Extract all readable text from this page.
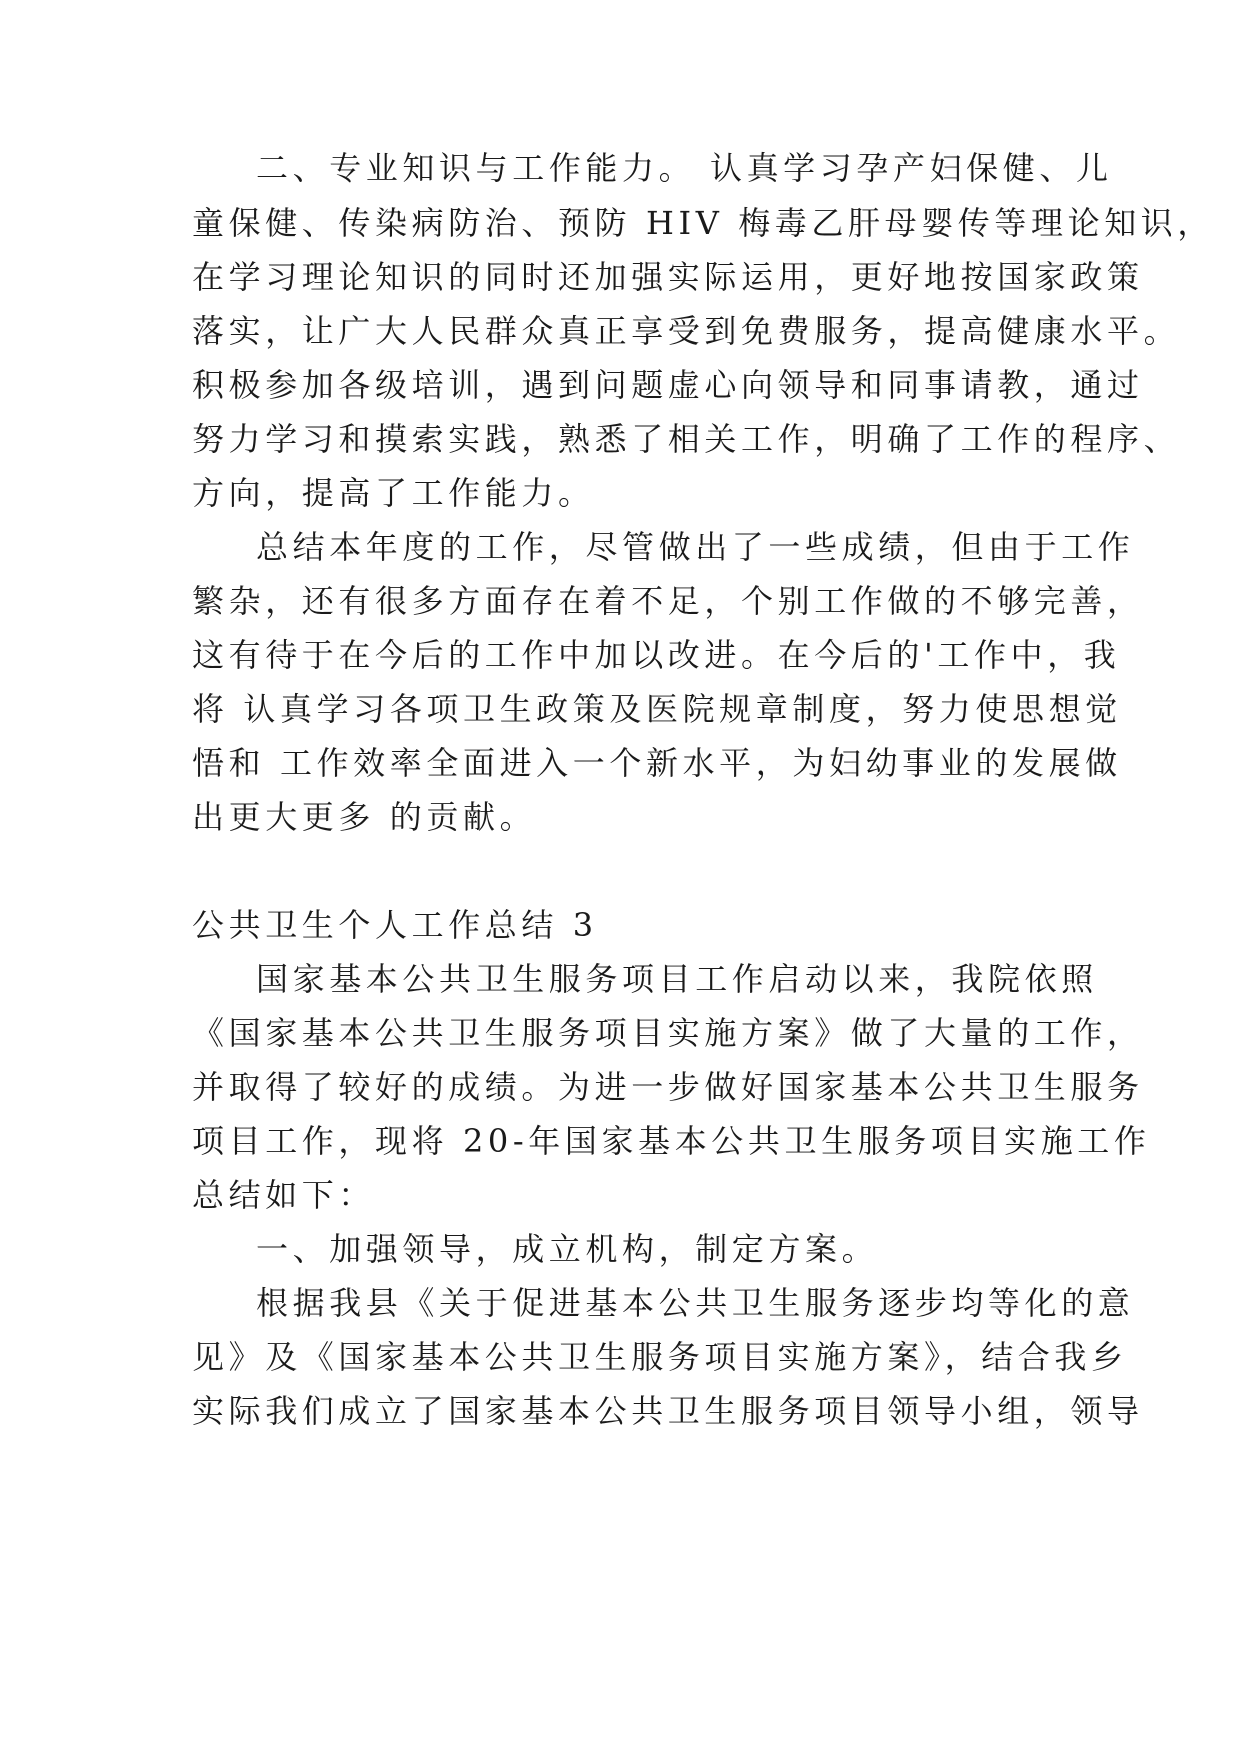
二、专业知识与工作能力。 认真学习孕产妇保健、儿
童保健、传染病防治、预防 HIV 梅毒乙肝母婴传等理论知识，
在学习理论知识的同时还加强实际运用，更好地按国家政策
落实，让广大人民群众真正享受到免费服务，提高健康水平。
积极参加各级培训，遇到问题虚心向领导和同事请教，通过
努力学习和摸索实践，熟悉了相关工作，明确了工作的程序、
方向，提高了工作能力。
总结本年度的工作，尽管做出了一些成绩，但由于工作
繁杂，还有很多方面存在着不足，个别工作做的不够完善，
这有待于在今后的工作中加以改进。在今后的'工作中，我
将 认真学习各项卫生政策及医院规章制度，努力使思想觉
悟和 工作效率全面进入一个新水平，为妇幼事业的发展做
出更大更多 的贡献。
公共卫生个人工作总结 3
国家基本公共卫生服务项目工作启动以来，我院依照
《国家基本公共卫生服务项目实施方案》做了大量的工作，
并取得了较好的成绩。为进一步做好国家基本公共卫生服务
项目工作，现将 20-年国家基本公共卫生服务项目实施工作
总结如下：
一、加强领导，成立机构，制定方案。
根据我县《关于促进基本公共卫生服务逐步均等化的意
见》及《国家基本公共卫生服务项目实施方案》，结合我乡
实际我们成立了国家基本公共卫生服务项目领导小组，领导
